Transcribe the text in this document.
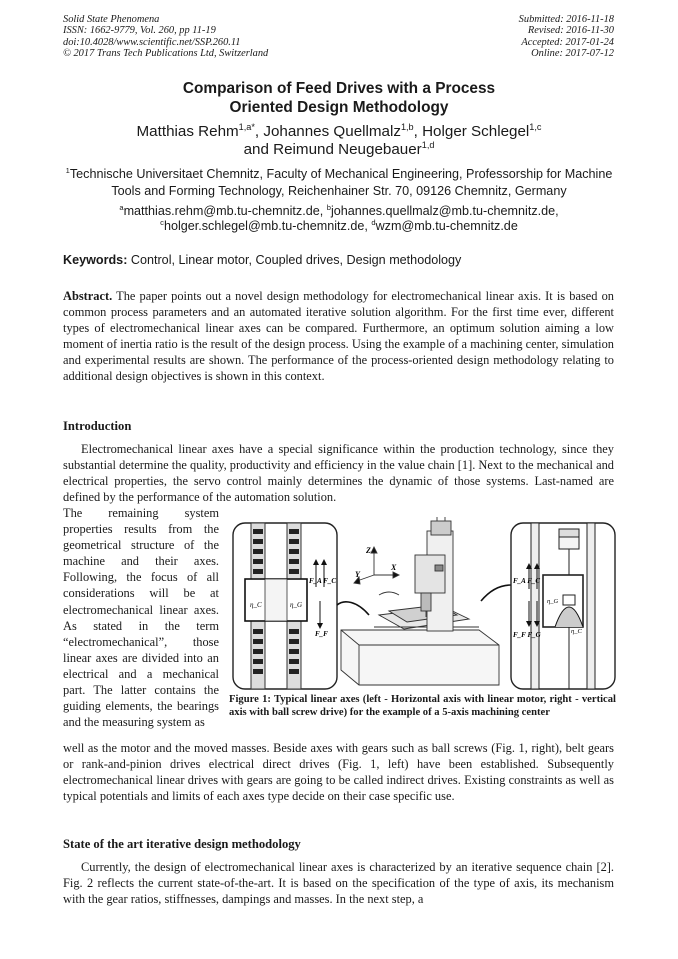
Solid State Phenomena
ISSN: 1662-9779, Vol. 260, pp 11-19
doi:10.4028/www.scientific.net/SSP.260.11
© 2017 Trans Tech Publications Ltd, Switzerland
Submitted: 2016-11-18
Revised: 2016-11-30
Accepted: 2017-01-24
Online: 2017-07-12
Comparison of Feed Drives with a Process
Oriented Design Methodology
Matthias Rehm$^{1,a*}$, Johannes Quellmalz$^{1,b}$, Holger Schlegel$^{1,c}$
and Reimund Neugebauer$^{1,d}$
$^1$Technische Universitaet Chemnitz, Faculty of Mechanical Engineering, Professorship for Machine
Tools and Forming Technology, Reichenhainer Str. 70, 09126 Chemnitz, Germany
$^a$matthias.rehm@mb.tu-chemnitz.de, $^b$johannes.quellmalz@mb.tu-chemnitz.de,
$^c$holger.schlegel@mb.tu-chemnitz.de, $^d$wzm@mb.tu-chemnitz.de
Keywords: Control, Linear motor, Coupled drives, Design methodology
Abstract. The paper points out a novel design methodology for electromechanical linear axis. It is based on common process parameters and an automated iterative solution algorithm. For the first time ever, different types of electromechanical linear axes can be compared. Furthermore, an optimum solution aiming a low moment of inertia ratio is the result of the design process. Using the example of a machining center, simulation and experimental results are shown. The performance of the process-oriented design methodology relating to additional design objectives is shown in this context.
Introduction
Electromechanical linear axes have a special significance within the production technology, since they substantial determine the quality, productivity and efficiency in the value chain [1]. Next to the mechanical and electrical properties, the servo control mainly determines the dynamic of those systems. Last-named are defined by the performance of the automation solution.
The remaining system properties results from the geometrical structure of the machine and their axes. Following, the focus of all considerations will be at electromechanical linear axes. As stated in the term “electromechanical”, those linear axes are divided into an electrical and a mechanical part. The latter contains the guiding elements, the bearings and the measuring system as
η_C	η_G
F_A F_C
F_F
Z
Y
X
F_A F_C
F_F F_G
η_G
η_C
Figure 1: Typical linear axes (left - Horizontal axis with linear motor, right - vertical axis with ball screw drive) for the example of a 5-axis machining center
well as the motor and the moved masses. Beside axes with gears such as ball screws (Fig. 1, right), belt gears or rank-and-pinion drives electrical direct drives (Fig. 1, left) have been established. Subsequently electromechanical linear drives with gears are going to be called indirect drives. Existing constraints as well as typical potentials and limits of each axes type decide on their case specific use.
State of the art iterative design methodology
Currently, the design of electromechanical linear axes is characterized by an iterative sequence chain [2]. Fig. 2 reflects the current state-of-the-art. It is based on the specification of the type of axis, its mechanism with the gear ratios, stiffnesses, dampings and masses. In the next step, a
